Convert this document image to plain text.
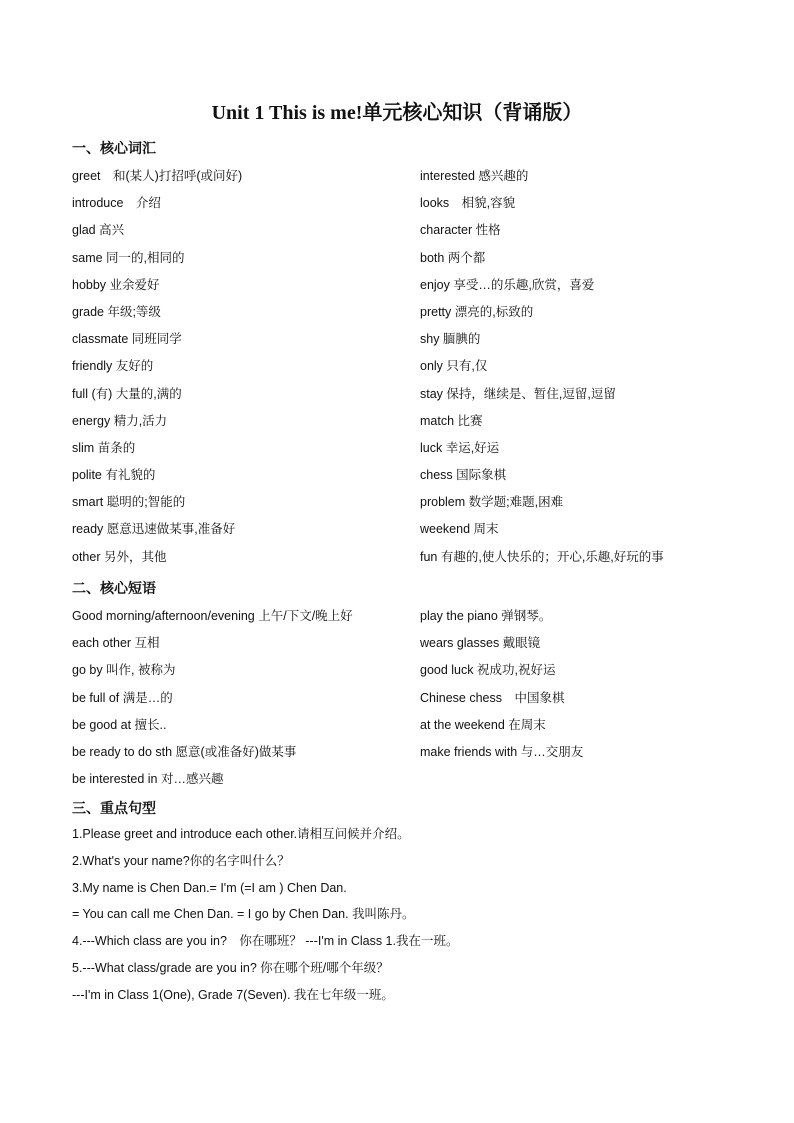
Unit 1 This is me!单元核心知识（背诵版）
一、核心词汇
greet　和(某人)打招呼(或问好)
introduce　介绍
glad 高兴
same 同一的,相同的
hobby 业余爱好
grade 年级;等级
classmate 同班同学
friendly 友好的
full (有) 大量的,满的
energy 精力,活力
slim 苗条的
polite 有礼貌的
smart 聪明的;智能的
ready 愿意迅速做某事,准备好
other 另外，其他
interested 感兴趣的
looks　相貌,容貌
character 性格
both 两个都
enjoy 享受…的乐趣,欣赏，喜爱
pretty 漂亮的,标致的
shy 腼腆的
only 只有,仅
stay 保持，继续是、暂住,逗留,逗留
match 比赛
luck 幸运,好运
chess 国际象棋
problem 数学题;难题,困难
weekend 周末
fun 有趣的,使人快乐的；开心,乐趣,好玩的事
二、核心短语
Good morning/afternoon/evening 上午/下文/晚上好
each other 互相
go by 叫作, 被称为
be full of 满是…的
be good at 擅长..
be ready to do sth 愿意(或准备好)做某事
be interested in 对…感兴趣
play the piano 弹钢琴。
wears glasses 戴眼镜
good luck 祝成功,祝好运
Chinese chess　中国象棋
at the weekend 在周末
make friends with 与…交朋友
三、重点句型
1.Please greet and introduce each other.请相互问候并介绍。
2.What's your name?你的名字叫什么？
3.My name is Chen Dan.= I'm (=I am ) Chen Dan.
= You can call me Chen Dan. = I go by Chen Dan. 我叫陈丹。
4.---Which class are you in?　你在哪班？ ---I'm in Class 1.我在一班。
5.---What class/grade are you in? 你在哪个班/哪个年级？
---I'm in Class 1(One), Grade 7(Seven). 我在七年级一班。
